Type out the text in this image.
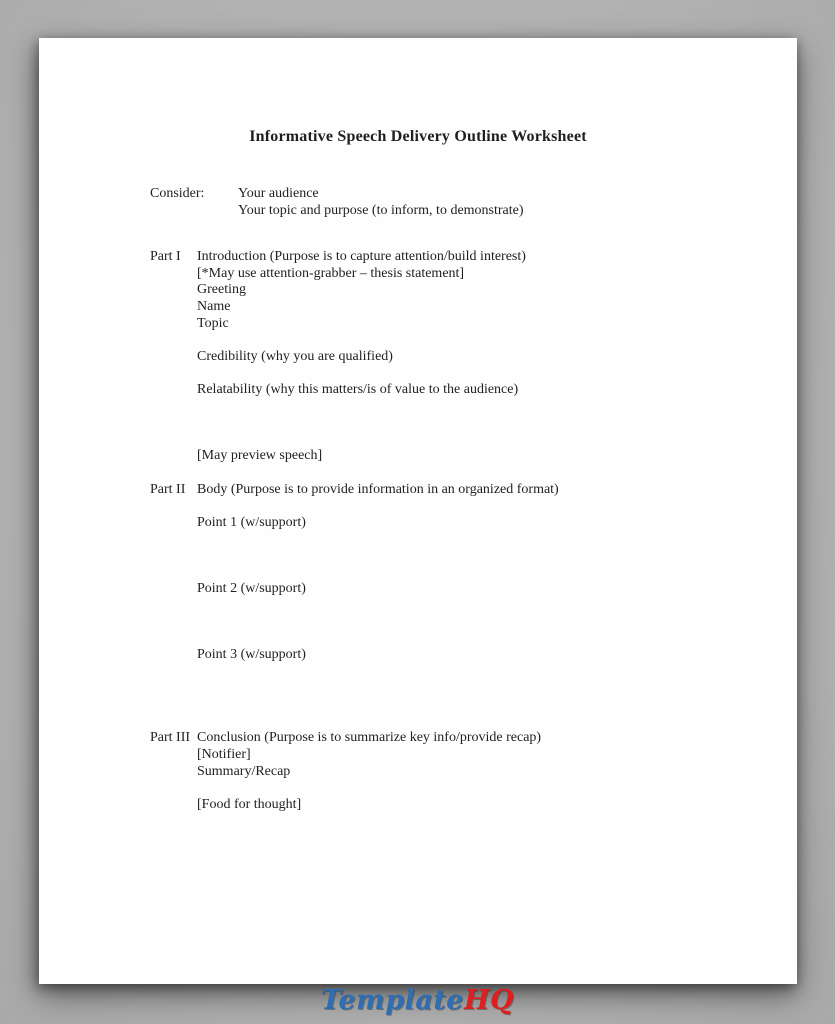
Informative Speech Delivery Outline Worksheet
Consider:	Your audience
Your topic and purpose (to inform, to demonstrate)
Part I	Introduction (Purpose is to capture attention/build interest)
[*May use attention-grabber – thesis statement]
Greeting
Name
Topic
Credibility (why you are qualified)
Relatability (why this matters/is of value to the audience)
[May preview speech]
Part II Body (Purpose is to provide information in an organized format)
Point 1 (w/support)
Point 2 (w/support)
Point 3 (w/support)
Part III Conclusion (Purpose is to summarize key info/provide recap)
[Notifier]
Summary/Recap
[Food for thought]
TemplateHQ
